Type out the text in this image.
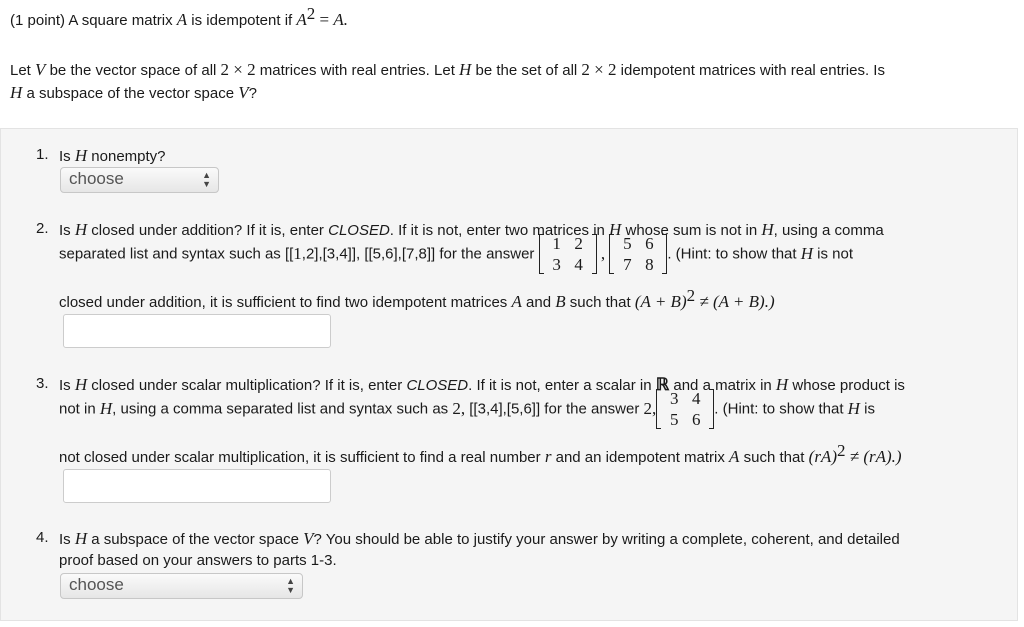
(1 point) A square matrix A is idempotent if $A^2 = A$.
Let V be the vector space of all 2 × 2 matrices with real entries. Let H be the set of all 2 × 2 idempotent matrices with real entries. Is
H a subspace of the vector space V?
1. Is H nonempty?
choose	▲
▼
2. Is H closed under addition? If it is, enter CLOSED. If it is not, enter two matrices in H whose sum is not in H, using a comma
separated list and syntax such as [[1,2],[3,4]], [[5,6],[7,8]] for the answer
1 2
3 4
,
5 6
7 8
. (Hint: to show that H is not
closed under addition, it is sufficient to find two idempotent matrices A and B such that $(A + B)^2 \ne (A + B)$.)
3. Is H closed under scalar multiplication? If it is, enter CLOSED. If it is not, enter a scalar in ℝ and a matrix in H whose product is
not in H, using a comma separated list and syntax such as 2, [[3,4],[5,6]] for the answer 2,
3 4
5 6
. (Hint: to show that H is
not closed under scalar multiplication, it is sufficient to find a real number r and an idempotent matrix A such that (rA)$^2$ ≠ (rA).)
4. Is H a subspace of the vector space V? You should be able to justify your answer by writing a complete, coherent, and detailed
proof based on your answers to parts 1-3.
choose	▲
▼
